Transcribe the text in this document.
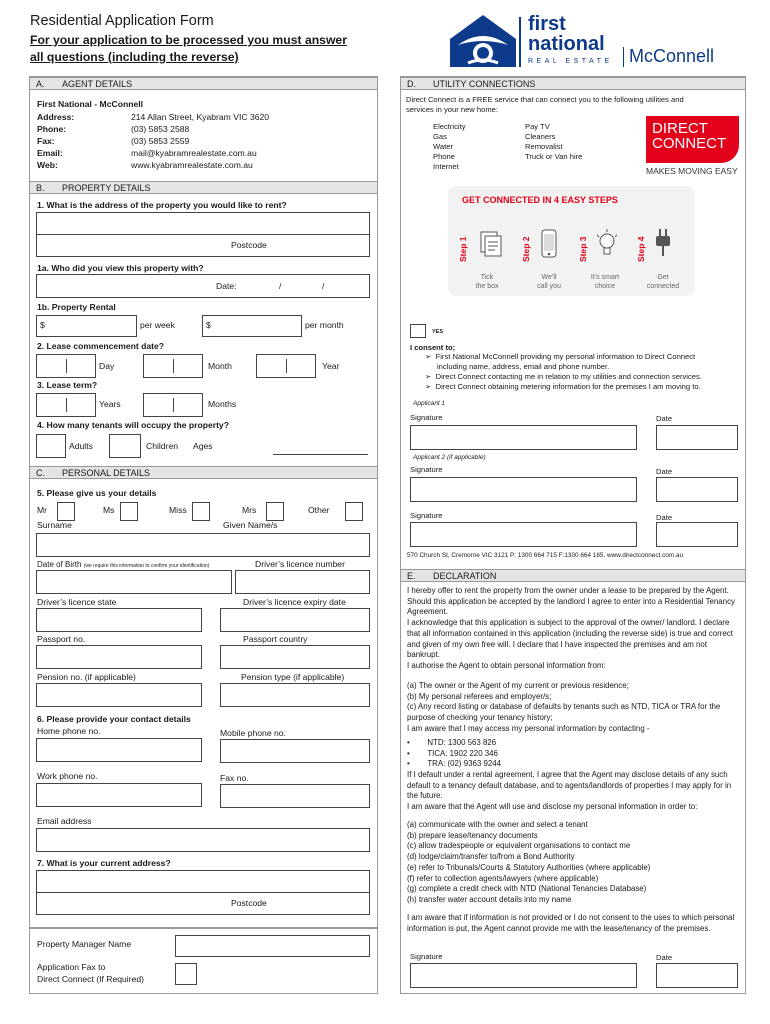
Residential Application Form
For your application to be processed you must answer
all questions (including the reverse)
first
national
REAL ESTATE McConnell
A. AGENT DETAILS
First National - McConnell
Address:	214 Allan Street, Kyabram VIC 3620
Phone:	(03) 5853 2588
Fax:	(03) 5853 2559
Email:	mail@kyabramrealestate.com.au
Web:	www.kyabramrealestate.com.au
B. PROPERTY DETAILS
1. What is the address of the property you would like to rent?
Postcode
1a. Who did you view this property with?
Date:	/	/
1b. Property Rental
$	per week	$	per month
2. Lease commencement date?
Day	Month	Year
3. Lease term?
Years	Months
4. How many tenants will occupy the property?
Adults	Children Ages
C. PERSONAL DETAILS
5. Please give us your details
Mr	Ms	Miss	Mrs	Other
Surname	Given Name/s
Date of Birth (we require this information to confirm your identification)	Driver’s licence number
Driver’s licence state	Driver’s licence expiry date
Passport no.	Passport country
Pension no. (if applicable)	Pension type (if applicable)
6. Please provide your contact details
Home phone no.	Mobile phone no.
Work phone no.	Fax no.
Email address
7. What is your current address?
Postcode
Property Manager Name
Application Fax to
Direct Connect (If Required)
D. UTILITY CONNECTIONS
Direct Connect is a FREE service that can connect you to the following utilities and
services in your new home:
Electricity
Gas
Water
Phone
Internet
Pay TV
Cleaners
Removalist
Truck or Van hire
DIRECT
CONNECT
MAKES MOVING EASY
GET CONNECTED IN 4 EASY STEPS
Step 1
Tick
the box
Step 2
We’ll
call you
Step 3
It’s smart
choice
Step 4
Get
connected
YES
I consent to;
➢  First National McConnell providing my personal information to Direct Connect
including name, address, email and phone number.
➢  Direct Connect contacting me in relation to my utilities and connection services.
➢  Direct Connect obtaining metering information for the premises I am moving to.
Applicant 1
Signature	Date
Applicant 2 (if applicable)
Signature	Date
Signature	Date
570 Church St, Cremorne VIC 3121 P: 1300 664 715 F:1300 664 185. www.directconnect.com.au
E. DECLARATION

I hereby offer to rent the property from the owner under a lease to be prepared by the Agent. Should this application be accepted by the landlord I agree to enter into a Residential Tenancy Agreement.

I acknowledge that this application is subject to the approval of the owner/ landlord. I declare that all information contained in this application (including the reverse side) is true and correct and given of my own free will. I declare that I have inspected the premises and am not bankrupt.

I authorise the Agent to obtain personal information from:

(a) The owner or the Agent of my current or previous residence;

(b) My personal referees and employer/s;

(c) Any record listing or database of defaults by tenants such as NTD, TICA or TRA for the purpose of checking your tenancy history;

I am aware that I may access my personal information by contacting -

•        NTD: 1300 563 826

•        TICA: 1902 220 346

•        TRA: (02) 9363 9244

If I default under a rental agreement, I agree that the Agent may disclose details of any such default to a tenancy default database, and to agents/landlords of properties I may apply for in the future.

I am aware that the Agent will use and disclose my personal information in order to:

(a) communicate with the owner and select a tenant

(b) prepare lease/tenancy documents

(c) allow tradespeople or equivalent organisations to contact me

(d) lodge/claim/transfer to/from a Bond Authority

(e) refer to Tribunals/Courts & Statutory Authorities (where applicable)

(f) refer to collection agents/lawyers (where applicable)

(g) complete a credit check with NTD (National Tenancies Database)

(h) transfer water account details into my name

I am aware that if information is not provided or I do not consent to the uses to which personal information is put, the Agent cannot provide me with the lease/tenancy of the premises.

Signature	Date
